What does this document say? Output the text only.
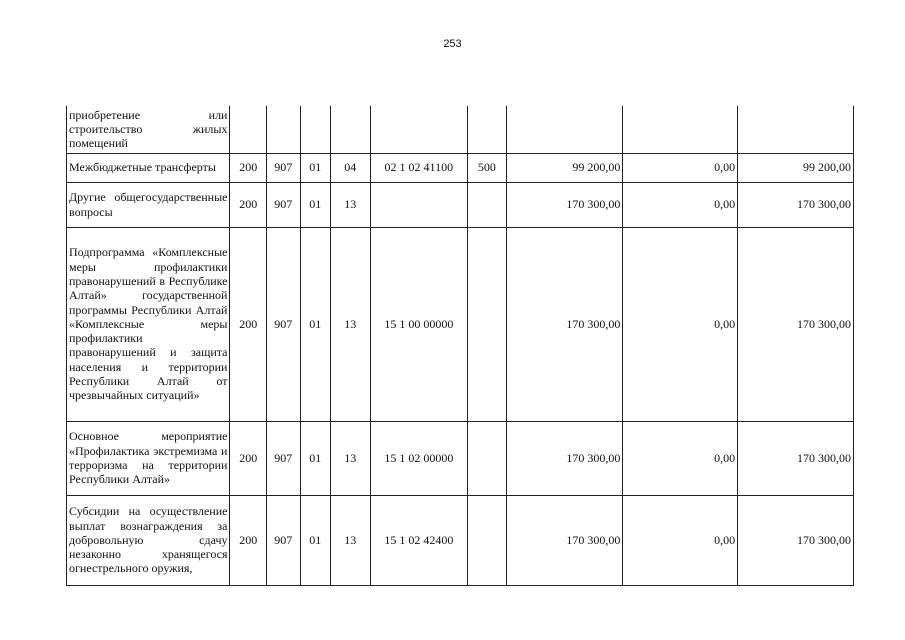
253
приобретение или строительство жилых помещений									
Межбюджетные трансферты	200	907	01	04	02 1 02 41100	500	99 200,00	0,00	99 200,00
Другие общегосударственные вопросы	200	907	01	13			170 300,00	0,00	170 300,00
Подпрограмма «Комплексные меры профилактики правонарушений в Республике Алтай» государственной программы Республики Алтай «Комплексные меры профилактики правонарушений и защита населения и территории Республики Алтай от чрезвычайных ситуаций»	200	907	01	13	15 1 00 00000		170 300,00	0,00	170 300,00
Основное мероприятие «Профилактика экстремизма и терроризма на территории Республики Алтай»	200	907	01	13	15 1 02 00000		170 300,00	0,00	170 300,00
Субсидии на осуществление выплат вознаграждения за добровольную сдачу незаконно хранящегося огнестрельного оружия,	200	907	01	13	15 1 02 42400		170 300,00	0,00	170 300,00
